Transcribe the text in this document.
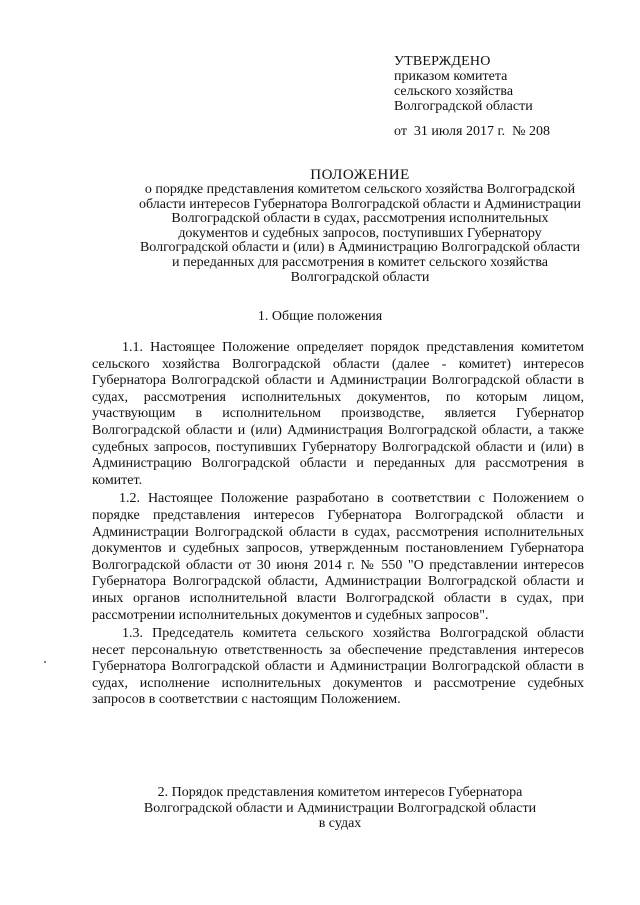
УТВЕРЖДЕНО
приказом комитета
сельского хозяйства
Волгоградской области
от  31 июля 2017 г.  № 208
ПОЛОЖЕНИЕ
о порядке представления комитетом сельского хозяйства Волгоградской
области интересов Губернатора Волгоградской области и Администрации
Волгоградской области в судах, рассмотрения исполнительных
документов и судебных запросов, поступивших Губернатору
Волгоградской области и (или) в Администрацию Волгоградской области
и переданных для рассмотрения в комитет сельского хозяйства
Волгоградской области
1. Общие положения

1.1. Настоящее Положение определяет порядок представления комитетом сельского хозяйства Волгоградской области (далее - комитет) интересов Губернатора Волгоградской области и Администрации Волгоградской области в судах, рассмотрения исполнительных документов, по которым лицом, участвующим в исполнительном производстве, является Губернатор Волгоградской области и (или) Администрация Волгоградской области, а также судебных запросов, поступивших Губернатору Волгоградской области и (или) в Администрацию Волгоградской области и переданных для рассмотрения в комитет.

1.2. Настоящее Положение разработано в соответствии с Положением о порядке представления интересов Губернатора Волгоградской области и Администрации Волгоградской области в судах, рассмотрения исполнительных документов и судебных запросов, утвержденным постановлением Губернатора Волгоградской области от 30 июня 2014 г. № 550 "О представлении интересов Губернатора Волгоградской области, Администрации Волгоградской области и иных органов исполнительной власти Волгоградской области в судах, при рассмотрении исполнительных документов и судебных запросов".

1.3. Председатель комитета сельского хозяйства Волгоградской области несет персональную ответственность за обеспечение представления интересов Губернатора Волгоградской области и Администрации Волгоградской области в судах, исполнение исполнительных документов и рассмотрение судебных запросов в соответствии с настоящим Положением.

2. Порядок представления комитетом интересов Губернатора
Волгоградской области и Администрации Волгоградской области
в судах
